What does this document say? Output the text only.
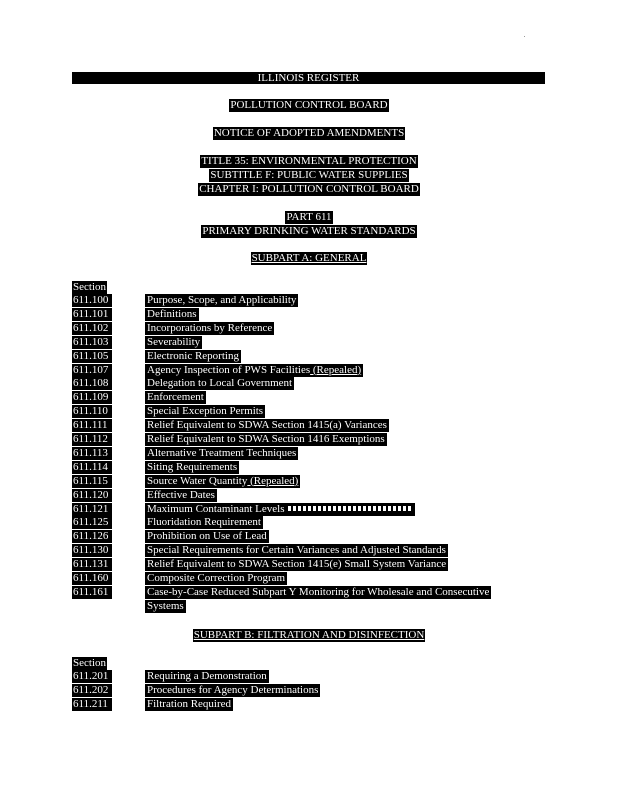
ILLINOIS REGISTER
POLLUTION CONTROL BOARD
NOTICE OF ADOPTED AMENDMENTS
TITLE 35: ENVIRONMENTAL PROTECTION
SUBTITLE F: PUBLIC WATER SUPPLIES
CHAPTER I: POLLUTION CONTROL BOARD
PART 611
PRIMARY DRINKING WATER STANDARDS
SUBPART A: GENERAL
Section
611.100	Purpose, Scope, and Applicability
611.101	Definitions
611.102	Incorporations by Reference
611.103	Severability
611.105	Electronic Reporting
611.107	Agency Inspection of PWS Facilities (Repealed)
611.108	Delegation to Local Government
611.109	Enforcement
611.110	Special Exception Permits
611.111	Relief Equivalent to SDWA Section 1415(a) Variances
611.112	Relief Equivalent to SDWA Section 1416 Exemptions
611.113	Alternative Treatment Techniques
611.114	Siting Requirements
611.115	Source Water Quantity (Repealed)
611.120	Effective Dates
611.121	Maximum Contaminant Levels
611.125	Fluoridation Requirement
611.126	Prohibition on Use of Lead
611.130	Special Requirements for Certain Variances and Adjusted Standards
611.131	Relief Equivalent to SDWA Section 1415(e) Small System Variance
611.160	Composite Correction Program
611.161	Case-by-Case Reduced Subpart Y Monitoring for Wholesale and Consecutive
Systems
SUBPART B: FILTRATION AND DISINFECTION
Section
611.201	Requiring a Demonstration
611.202	Procedures for Agency Determinations
611.211	Filtration Required
